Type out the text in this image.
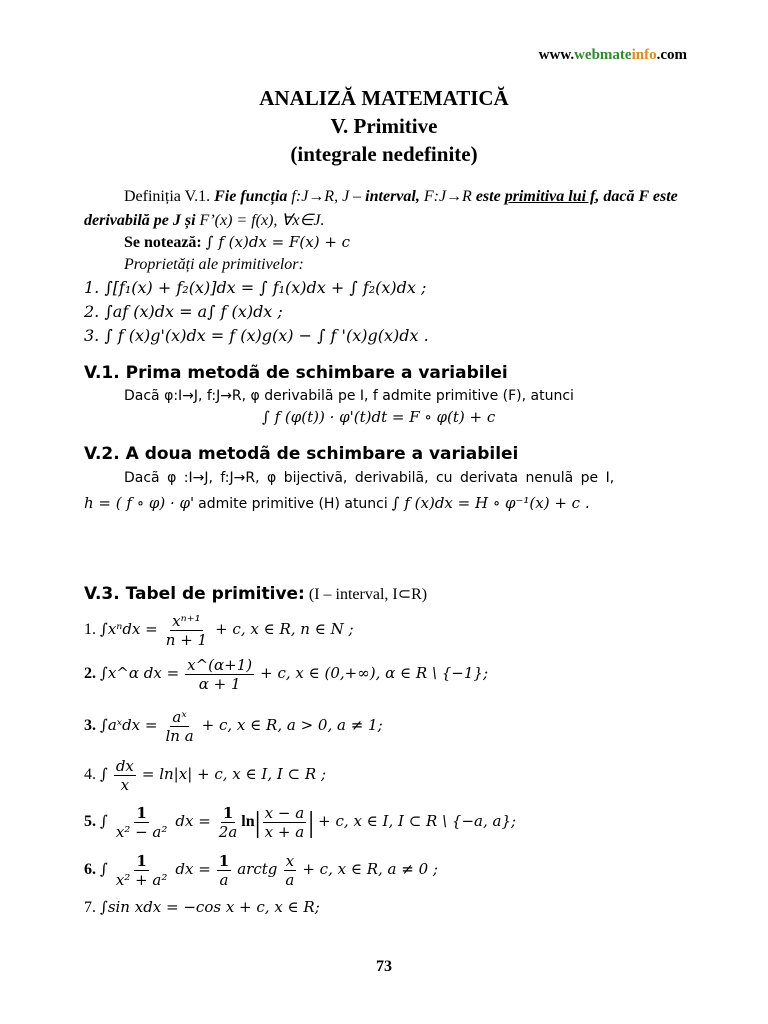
www.webmateinfo.com
ANALIZĂ MATEMATICĂ
V. Primitive
(integrale nedefinite)
Definiția V.1. Fie funcția f:J→R, J – interval, F:J→R este primitiva lui f, dacă F este derivabilă pe J și F’(x) = f(x), ∀x∈J.
Se notează: ∫ f (x)dx = F(x) + c
Proprietăți ale primitivelor:
1. ∫[f₁(x) + f₂(x)]dx = ∫ f₁(x)dx + ∫ f₂(x)dx ;
2. ∫af (x)dx = a∫ f (x)dx ;
3. ∫ f (x)g'(x)dx = f (x)g(x) − ∫ f '(x)g(x)dx .
V.1. Prima metodã de schimbare a variabilei
Dacã φ:I→J, f:J→R, φ derivabilã pe I, f admite primitive (F), atunci
∫ f (φ(t)) · φ'(t)dt = F ∘ φ(t) + c
V.2. A doua metodã de schimbare a variabilei
Dacã φ :I→J, f:J→R, φ bijectivã, derivabilã, cu derivata nenulã pe I,
h = ( f ∘ φ) · φ' admite primitive (H) atunci ∫ f (x)dx = H ∘ φ⁻¹(x) + c .
V.3. Tabel de primitive: (I – interval, I⊂R)
1. $\int x^ndx = \frac{\text{xⁿ⁺¹}}{n + 1} + c$, x ∈ R, n ∈ N ;
2. ∫x^α dx = $\frac{x\^{}(\alpha+1)}{\alpha + 1} + c$, x ∈ (0,+∞), α ∈ R \ {−1};
3. ∫aˣdx = $\frac{\text{aˣ}}{\text{ln a}} + c$, x ∈ R, a > 0, a ≠ 1;
4. ∫ $\frac{dx}{x} = \ln|x| + c$, x ∈ I, I ⊂ R ;
5. ∫ $\frac{1}{\text{x² − a²}}$ dx = $\frac{1}{2a} \ln| \frac{x - a}{x + a}$ | + c, x ∈ I, I ⊂ R \ {−a, a};
6. ∫ $\frac{1}{\text{x² + a²}}$ dx = $\frac{1}{a}$ arctg $\frac{x}{a} + c$, x ∈ R, a ≠ 0 ;
7. ∫sin xdx = −cos x + c, x ∈ R;
73
